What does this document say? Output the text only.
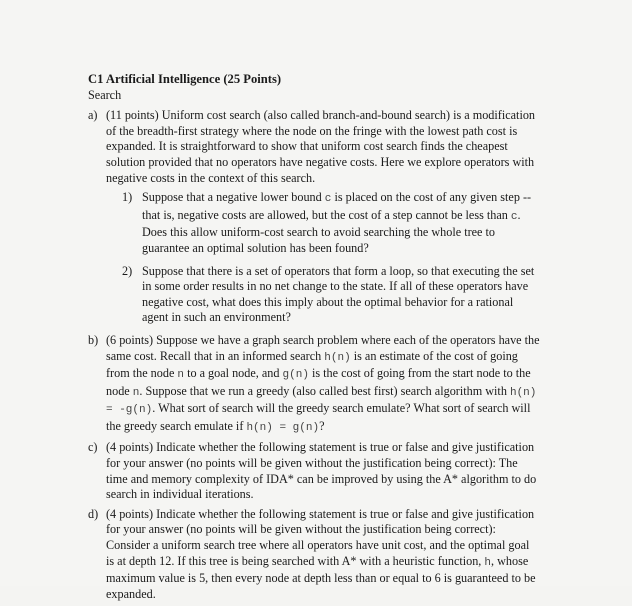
C1 Artificial Intelligence (25 Points)
Search
a) (11 points) Uniform cost search (also called branch-and-bound search) is a modification of the breadth-first strategy where the node on the fringe with the lowest path cost is expanded. It is straightforward to show that uniform cost search finds the cheapest solution provided that no operators have negative costs. Here we explore operators with negative costs in the context of this search.

1) Suppose that a negative lower bound c is placed on the cost of any given step -- that is, negative costs are allowed, but the cost of a step cannot be less than c. Does this allow uniform-cost search to avoid searching the whole tree to guarantee an optimal solution has been found?

2) Suppose that there is a set of operators that form a loop, so that executing the set in some order results in no net change to the state. If all of these operators have negative cost, what does this imply about the optimal behavior for a rational agent in such an environment?

b) (6 points) Suppose we have a graph search problem where each of the operators have the same cost. Recall that in an informed search h(n) is an estimate of the cost of going from the node n to a goal node, and g(n) is the cost of going from the start node to the node n. Suppose that we run a greedy (also called best first) search algorithm with h(n) = -g(n). What sort of search will the greedy search emulate? What sort of search will the greedy search emulate if h(n) = g(n)?

c) (4 points) Indicate whether the following statement is true or false and give justification for your answer (no points will be given without the justification being correct): The time and memory complexity of IDA* can be improved by using the A* algorithm to do search in individual iterations.

d) (4 points) Indicate whether the following statement is true or false and give justification for your answer (no points will be given without the justification being correct): Consider a uniform search tree where all operators have unit cost, and the optimal goal is at depth 12. If this tree is being searched with A* with a heuristic function, h, whose maximum value is 5, then every node at depth less than or equal to 6 is guaranteed to be expanded.
